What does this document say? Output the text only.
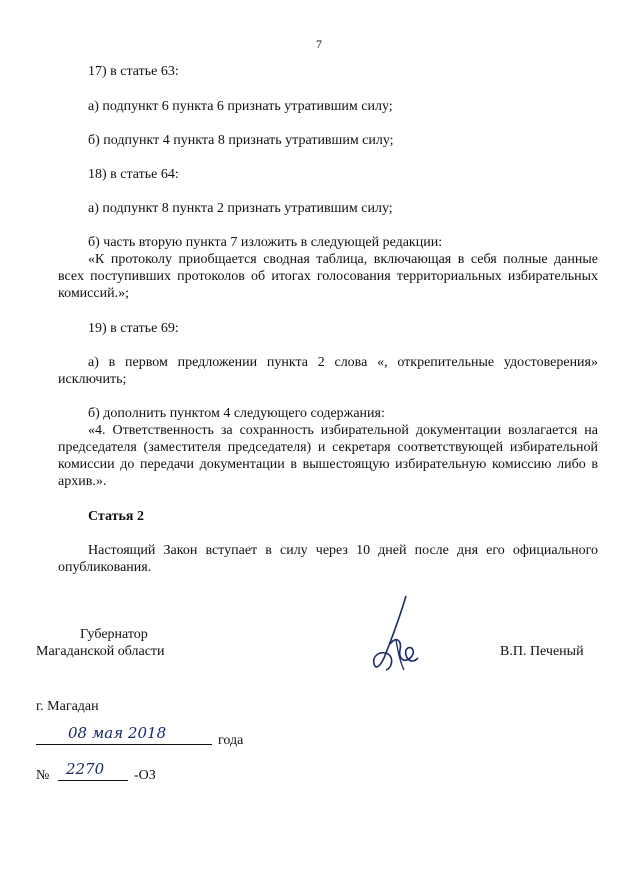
7
17) в статье 63:
а) подпункт 6 пункта 6 признать утратившим силу;
б) подпункт 4 пункта 8 признать утратившим силу;
18) в статье 64:
а) подпункт 8 пункта 2 признать утратившим силу;
б) часть вторую пункта 7 изложить в следующей редакции:
«К протоколу приобщается сводная таблица, включающая в себя полные данные всех поступивших протоколов об итогах голосования территориальных избирательных комиссий.»;
19) в статье 69:
а) в первом предложении пункта 2 слова «, открепительные удостоверения» исключить;
б) дополнить пунктом 4 следующего содержания:
«4. Ответственность за сохранность избирательной документации возлагается на председателя (заместителя председателя) и секретаря соответствующей избирательной комиссии до передачи документации в вышестоящую избирательную комиссию либо в архив.».
Статья 2
Настоящий Закон вступает в силу через 10 дней после дня его официального опубликования.
Губернатор
Магаданской области	В.П. Печеный
г. Магадан
08 мая 2018	года
№ 2270 -ОЗ
